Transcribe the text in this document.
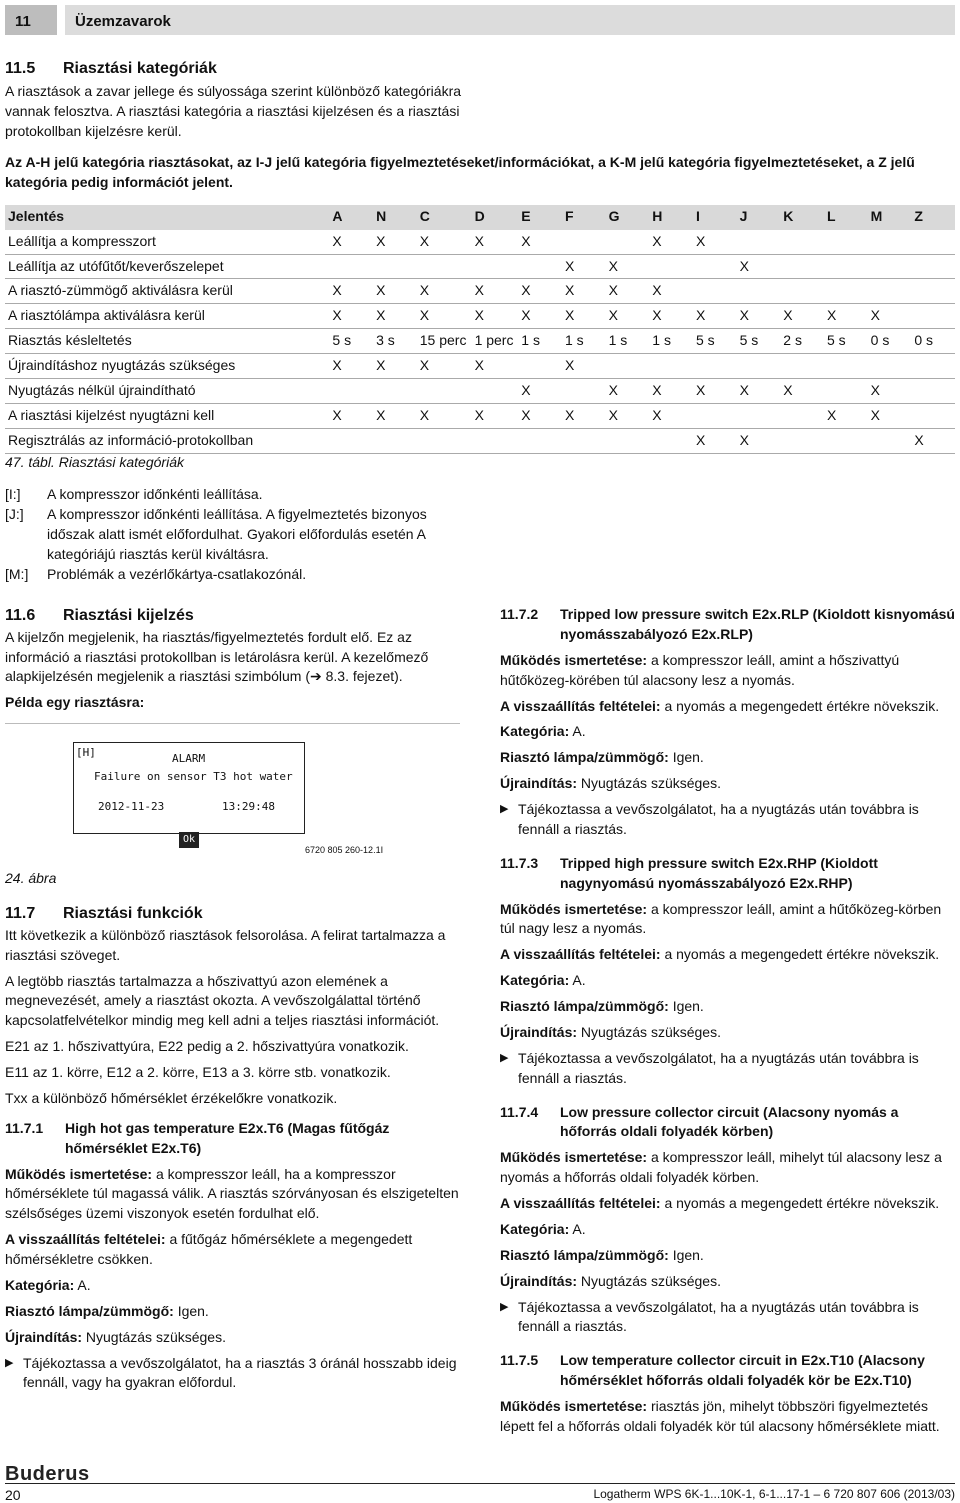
11	Üzemzavarok
11.5 Riasztási kategóriák

A riasztások a zavar jellege és súlyossága szerint különböző kategóriákra vannak felosztva. A riasztási kategória a riasztási kijelzésen és a riasztási protokollban kijelzésre kerül.

Az A-H jelű kategória riasztásokat, az I-J jelű kategória figyelmeztetéseket/információkat, a K-M jelű kategória figyelmeztetéseket, a Z jelű kategória pedig információt jelent.

Jelentés	A	N	C	D	E	F	G	H	I	J	K	L	M	Z
Leállítja a kompresszort	X	X	X	X	X			X	X					
Leállítja az utófűtőt/keverőszelepet						X	X			X				
A riasztó-zümmögő aktiválásra kerül	X	X	X	X	X	X	X	X						
A riasztólámpa aktiválásra kerül	X	X	X	X	X	X	X	X	X	X	X	X	X	
Riasztás késleltetés	5 s	3 s	15 perc	1 perc	1 s	1 s	1 s	1 s	5 s	5 s	2 s	5 s	0 s	0 s
Újraindításhoz nyugtázás szükséges	X	X	X	X		X								
Nyugtázás nélkül újraindítható					X		X	X	X	X	X		X	
A riasztási kijelzést nyugtázni kell	X	X	X	X	X	X	X	X				X	X	
Regisztrálás az információ-protokollban									X	X				X
47. tábl. Riasztási kategóriák
[I:]	A kompresszor időnkénti leállítása.
[J:]	A kompresszor időnkénti leállítása. A figyelmeztetés bizonyos időszak alatt ismét előfordulhat. Gyakori előfordulás esetén A kategóriájú riasztás kerül kiváltásra.
[M:]	Problémák a vezérlőkártya-csatlakozónál.
11.6 Riasztási kijelzés

A kijelzőn megjelenik, ha riasztás/figyelmeztetés fordult elő. Ez az információ a riasztási protokollban is letárolásra kerül. A kezelőmező alapkijelzésén megjelenik a riasztási szimbólum (➔ 8.3. fejezet).

Példa egy riasztásra:

[H]	ALARM
Failure on sensor T3 hot water
2012-11-23	13:29:48
Ok
6720 805 260-12.1I
24. ábra
11.7 Riasztási funkciók

Itt következik a különböző riasztások felsorolása. A felirat tartalmazza a riasztási szöveget.

A legtöbb riasztás tartalmazza a hőszivattyú azon elemének a megnevezését, amely a riasztást okozta. A vevőszolgálattal történő kapcsolatfelvételkor mindig meg kell adni a teljes riasztási információt.

E21 az 1. hőszivattyúra, E22 pedig a 2. hőszivattyúra vonatkozik.

E11 az 1. körre, E12 a 2. körre, E13 a 3. körre stb. vonatkozik.

Txx a különböző hőmérséklet érzékelőkre vonatkozik.

11.7.1	High hot gas temperature E2x.T6 (Magas fűtőgáz hőmérséklet E2x.T6)

Működés ismertetése: a kompresszor leáll, ha a kompresszor hőmérséklete túl magassá válik. A riasztás szórványosan és elszigetelten szélsőséges üzemi viszonyok esetén fordulhat elő.

A visszaállítás feltételei: a fűtőgáz hőmérséklete a megengedett hőmérsékletre csökken.

Kategória: A.

Riasztó lámpa/zümmögő: Igen.

Újraindítás: Nyugtázás szükséges.

▶ Tájékoztassa a vevőszolgálatot, ha a riasztás 3 óránál hosszabb ideig fennáll, vagy ha gyakran előfordul.
11.7.2	Tripped low pressure switch E2x.RLP (Kioldott kisnyomású nyomásszabályozó E2x.RLP)

Működés ismertetése: a kompresszor leáll, amint a hőszivattyú hűtőközeg-körében túl alacsony lesz a nyomás.

A visszaállítás feltételei: a nyomás a megengedett értékre növekszik.

Kategória: A.

Riasztó lámpa/zümmögő: Igen.

Újraindítás: Nyugtázás szükséges.

▶ Tájékoztassa a vevőszolgálatot, ha a nyugtázás után továbbra is fennáll a riasztás.
11.7.3	Tripped high pressure switch E2x.RHP (Kioldott nagynyomású nyomásszabályozó E2x.RHP)

Működés ismertetése: a kompresszor leáll, amint a hűtőközeg-körben túl nagy lesz a nyomás.

A visszaállítás feltételei: a nyomás a megengedett értékre növekszik.

Kategória: A.

Riasztó lámpa/zümmögő: Igen.

Újraindítás: Nyugtázás szükséges.

▶ Tájékoztassa a vevőszolgálatot, ha a nyugtázás után továbbra is fennáll a riasztás.
11.7.4	Low pressure collector circuit (Alacsony nyomás a hőforrás oldali folyadék körben)

Működés ismertetése: a kompresszor leáll, mihelyt túl alacsony lesz a nyomás a hőforrás oldali folyadék körben.

A visszaállítás feltételei: a nyomás a megengedett értékre növekszik.

Kategória: A.

Riasztó lámpa/zümmögő: Igen.

Újraindítás: Nyugtázás szükséges.

▶ Tájékoztassa a vevőszolgálatot, ha a nyugtázás után továbbra is fennáll a riasztás.
11.7.5	Low temperature collector circuit in E2x.T10 (Alacsony hőmérséklet hőforrás oldali folyadék kör be E2x.T10)

Működés ismertetése: riasztás jön, mihelyt többszöri figyelmeztetés lépett fel a hőforrás oldali folyadék kör túl alacsony hőmérséklete miatt.

Buderus
20	Logatherm WPS 6K-1...10K-1, 6-1...17-1 – 6 720 807 606 (2013/03)
